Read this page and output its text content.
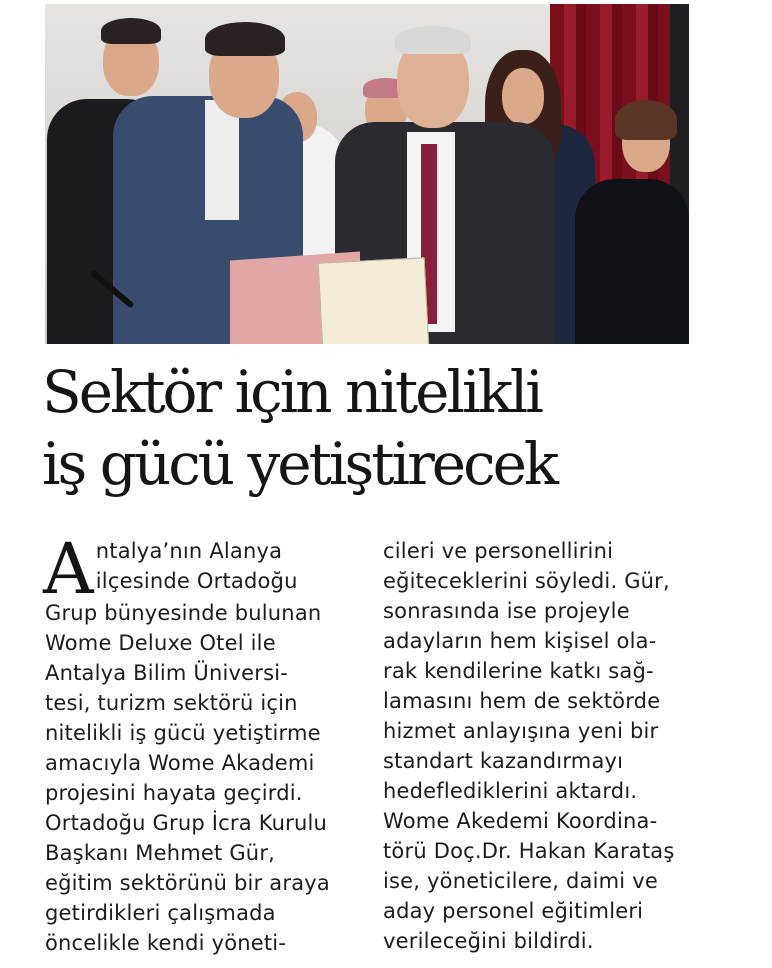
Sektör için nitelikli
iş gücü yetiştirecek
A ntalya’nın Alanya
ilçesinde Ortadoğu
Grup bünyesinde bulunan
Wome Deluxe Otel ile
Antalya Bilim Üniversi-
tesi, turizm sektörü için
nitelikli iş gücü yetiştirme
amacıyla Wome Akademi
projesini hayata geçirdi.
Ortadoğu Grup İcra Kurulu
Başkanı Mehmet Gür,
eğitim sektörünü bir araya
getirdikleri çalışmada
öncelikle kendi yöneti-
cileri ve personellirini
eğiteceklerini söyledi. Gür,
sonrasında ise projeyle
adayların hem kişisel ola-
rak kendilerine katkı sağ-
lamasını hem de sektörde
hizmet anlayışına yeni bir
standart kazandırmayı
hedeflediklerini aktardı.
Wome Akedemi Koordina-
törü Doç.Dr. Hakan Karataş
ise, yöneticilere, daimi ve
aday personel eğitimleri
verileceğini bildirdi.
